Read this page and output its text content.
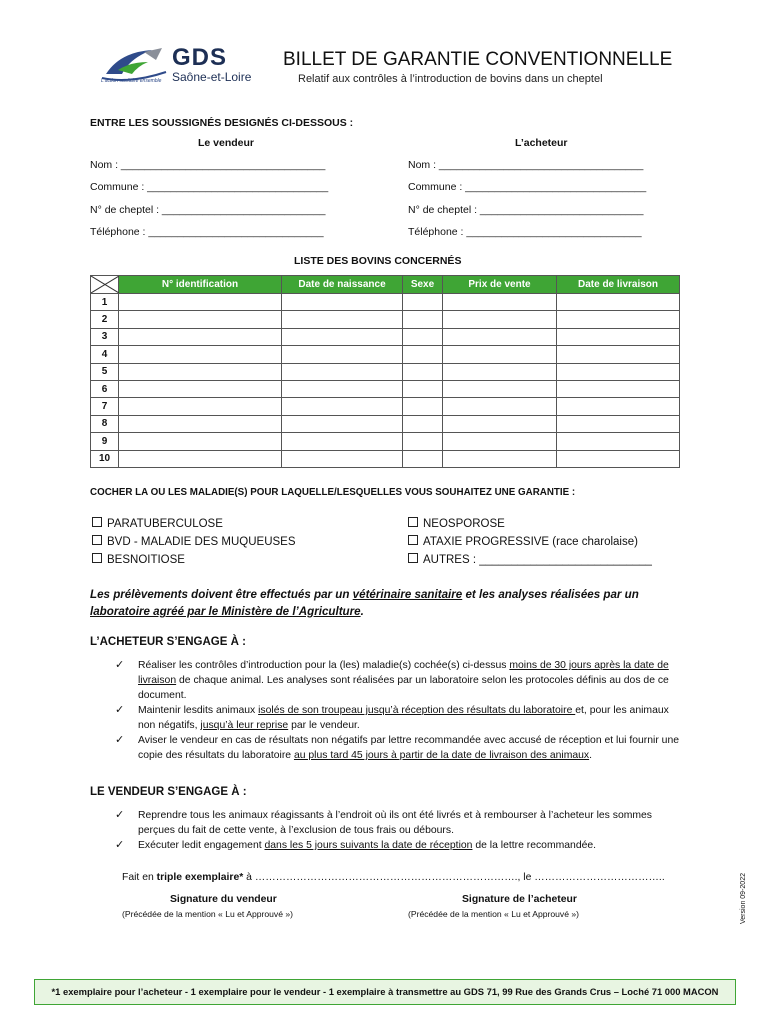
GDS
Saône-et-Loire
L'action sanitaire ensemble
BILLET DE GARANTIE CONVENTIONNELLE
Relatif aux contrôles à l’introduction de bovins dans un cheptel
ENTRE LES SOUSSIGNÉS DESIGNÉS CI-DESSOUS :
Le vendeur	L’acheteur
Nom : ___________________________________
Commune : _______________________________
N° de cheptel : ____________________________
Téléphone : ______________________________
Nom : ___________________________________
Commune : _______________________________
N° de cheptel : ____________________________
Téléphone : ______________________________
LISTE DES BOVINS CONCERNÉS
	N° identification	Date de naissance	Sexe	Prix de vente	Date de livraison
1					
2					
3					
4					
5					
6					
7					
8					
9					
10					
COCHER LA OU LES MALADIE(S) POUR LAQUELLE/LESQUELLES VOUS SOUHAITEZ UNE GARANTIE :
PARATUBERCULOSE
BVD - MALADIE DES MUQUEUSES
BESNOITIOSE
NEOSPOROSE
ATAXIE PROGRESSIVE (race charolaise)
AUTRES : ___________________________
Les prélèvements doivent être effectués par un vétérinaire sanitaire et les analyses réalisées par un laboratoire agréé par le Ministère de l’Agriculture.
L’ACHETEUR S’ENGAGE À :
✓ Réaliser les contrôles d’introduction pour la (les) maladie(s) cochée(s) ci-dessus moins de 30 jours après la date de livraison de chaque animal. Les analyses sont réalisées par un laboratoire selon les protocoles définis au dos de ce document.
✓ Maintenir lesdits animaux isolés de son troupeau jusqu’à réception des résultats du laboratoire et, pour les animaux non négatifs, jusqu’à leur reprise par le vendeur.
✓ Aviser le vendeur en cas de résultats non négatifs par lettre recommandée avec accusé de réception et lui fournir une copie des résultats du laboratoire au plus tard 45 jours à partir de la date de livraison des animaux.
LE VENDEUR S’ENGAGE À :
✓ Reprendre tous les animaux réagissants à l’endroit où ils ont été livrés et à rembourser à l’acheteur les sommes perçues du fait de cette vente, à l’exclusion de tous frais ou débours.
✓ Exécuter ledit engagement dans les 5 jours suivants la date de réception de la lettre recommandée.
Fait en triple exemplaire* à …………………………………………………………………., le ………………………………..
Signature du vendeur
(Précédée de la mention « Lu et Approuvé »)
Signature de l’acheteur
(Précédée de la mention « Lu et Approuvé »)	Version 09-2022
*1 exemplaire pour l’acheteur - 1 exemplaire pour le vendeur - 1 exemplaire à transmettre au GDS 71, 99 Rue des Grands Crus – Loché 71 000 MACON
